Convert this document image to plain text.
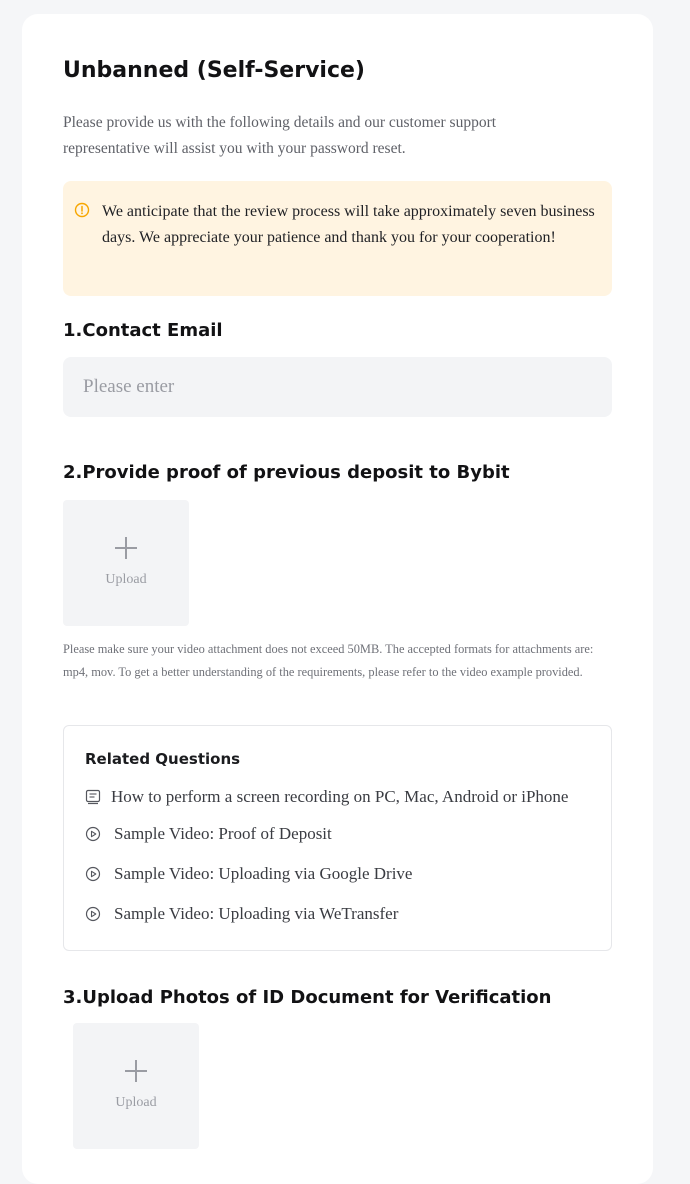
Unbanned (Self-Service)

Please provide us with the following details and our customer support representative will assist you with your password reset.

We anticipate that the review process will take approximately seven business days. We appreciate your patience and thank you for your cooperation!

1.Contact Email
Please enter
2.Provide proof of previous deposit to Bybit
Upload

Please make sure your video attachment does not exceed 50MB. The accepted formats for attachments are: mp4, mov. To get a better understanding of the requirements, please refer to the video example provided.

Related Questions
How to perform a screen recording on PC, Mac, Android or iPhone
Sample Video: Proof of Deposit
Sample Video: Uploading via Google Drive
Sample Video: Uploading via WeTransfer
3.Upload Photos of ID Document for Verification
Upload
